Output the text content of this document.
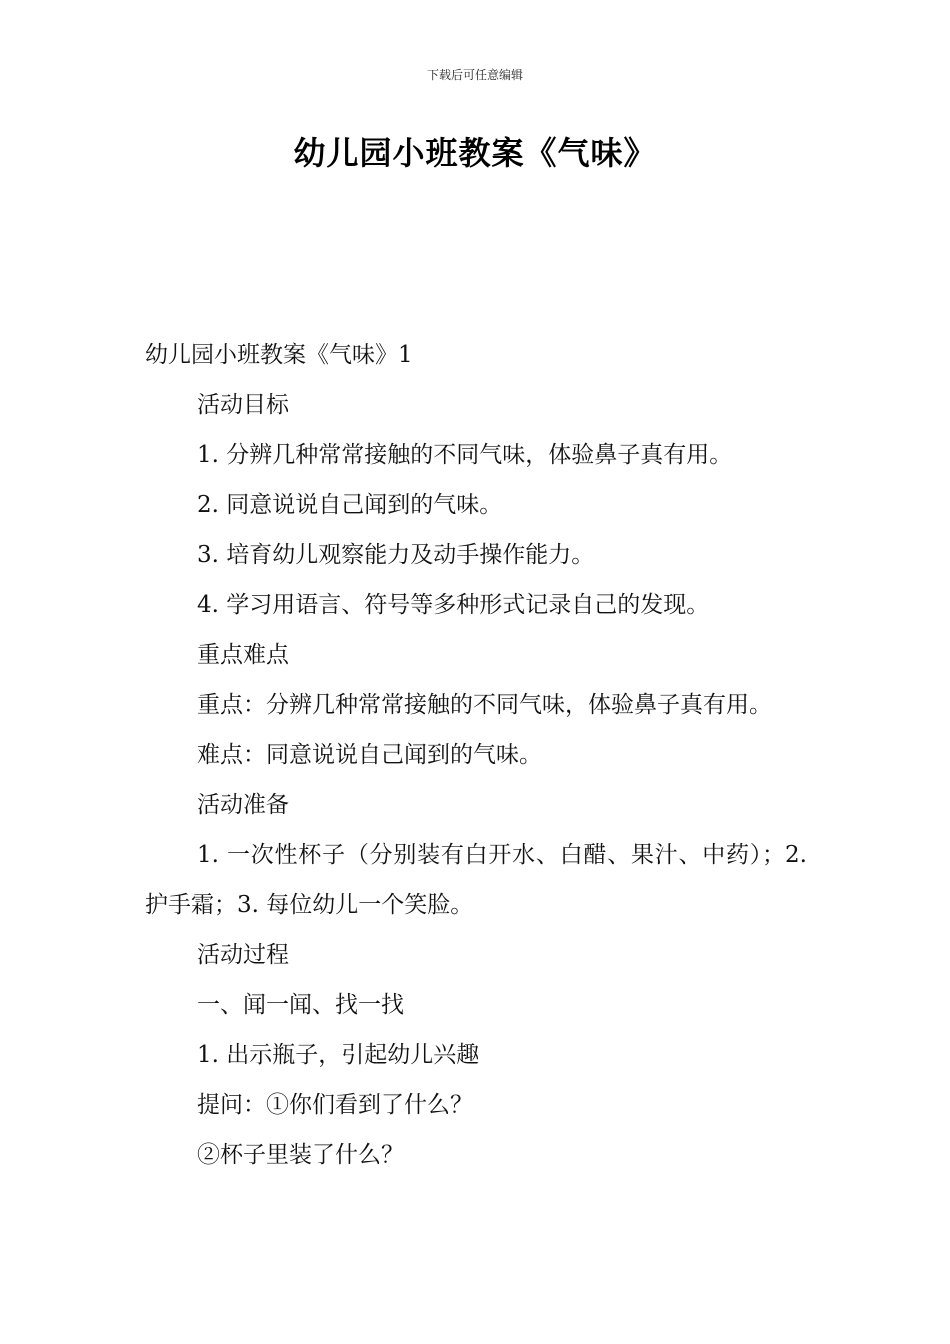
下载后可任意编辑
幼儿园小班教案《气味》

幼儿园小班教案《气味》1

活动目标

1. 分辨几种常常接触的不同气味，体验鼻子真有用。

2. 同意说说自己闻到的气味。

3. 培育幼儿观察能力及动手操作能力。

4. 学习用语言、符号等多种形式记录自己的发现。

重点难点

重点：分辨几种常常接触的不同气味，体验鼻子真有用。

难点：同意说说自己闻到的气味。

活动准备

1. 一次性杯子（分别装有白开水、白醋、果汁、中药）；2. 护手霜；3. 每位幼儿一个笑脸。

活动过程

一、闻一闻、找一找

1. 出示瓶子，引起幼儿兴趣

提问：①你们看到了什么？

②杯子里装了什么？
